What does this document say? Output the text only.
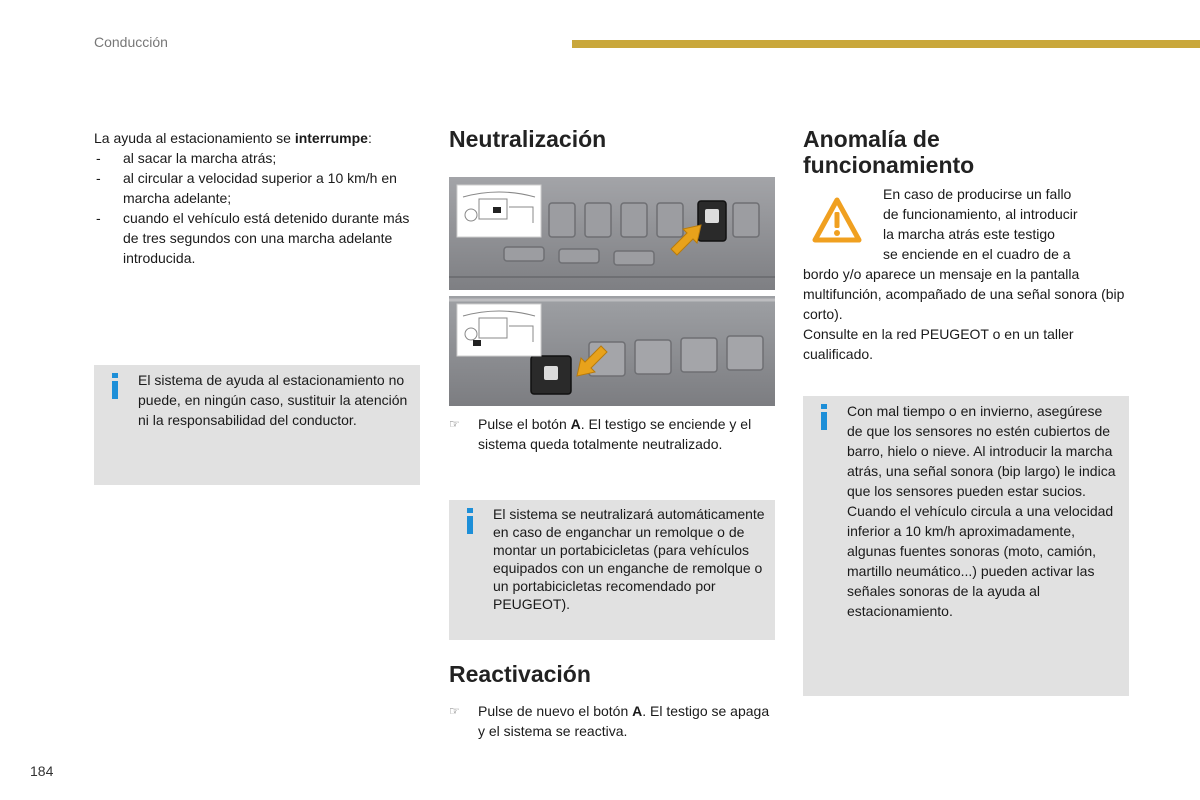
Conducción

La ayuda al estacionamiento se interrumpe:

- al sacar la marcha atrás;
- al circular a velocidad superior a 10 km/h en marcha adelante;
- cuando el vehículo está detenido durante más de tres segundos con una marcha adelante introducida.
El sistema de ayuda al estacionamiento no puede, en ningún caso, sustituir la atención ni la responsabilidad del conductor.
Neutralización
☞ Pulse el botón A. El testigo se enciende y el sistema queda totalmente neutralizado.
El sistema se neutralizará automáticamente en caso de enganchar un remolque o de montar un portabicicletas (para vehículos equipados con un enganche de remolque o un portabicicletas recomendado por PEUGEOT).
Reactivación
☞ Pulse de nuevo el botón A. El testigo se apaga y el sistema se reactiva.
Anomalía de funcionamiento
En caso de producirse un fallo
de funcionamiento, al introducir
la marcha atrás este testigo
se enciende en el cuadro de a

bordo y/o aparece un mensaje en la pantalla multifunción, acompañado de una señal sonora (bip corto).

Consulte en la red PEUGEOT o en un taller cualificado.

Con mal tiempo o en invierno, asegúrese de que los sensores no estén cubiertos de barro, hielo o nieve. Al introducir la marcha atrás, una señal sonora (bip largo) le indica que los sensores pueden estar sucios. Cuando el vehículo circula a una velocidad inferior a 10 km/h aproximadamente, algunas fuentes sonoras (moto, camión, martillo neumático...) pueden activar las señales sonoras de la ayuda al estacionamiento.
184
